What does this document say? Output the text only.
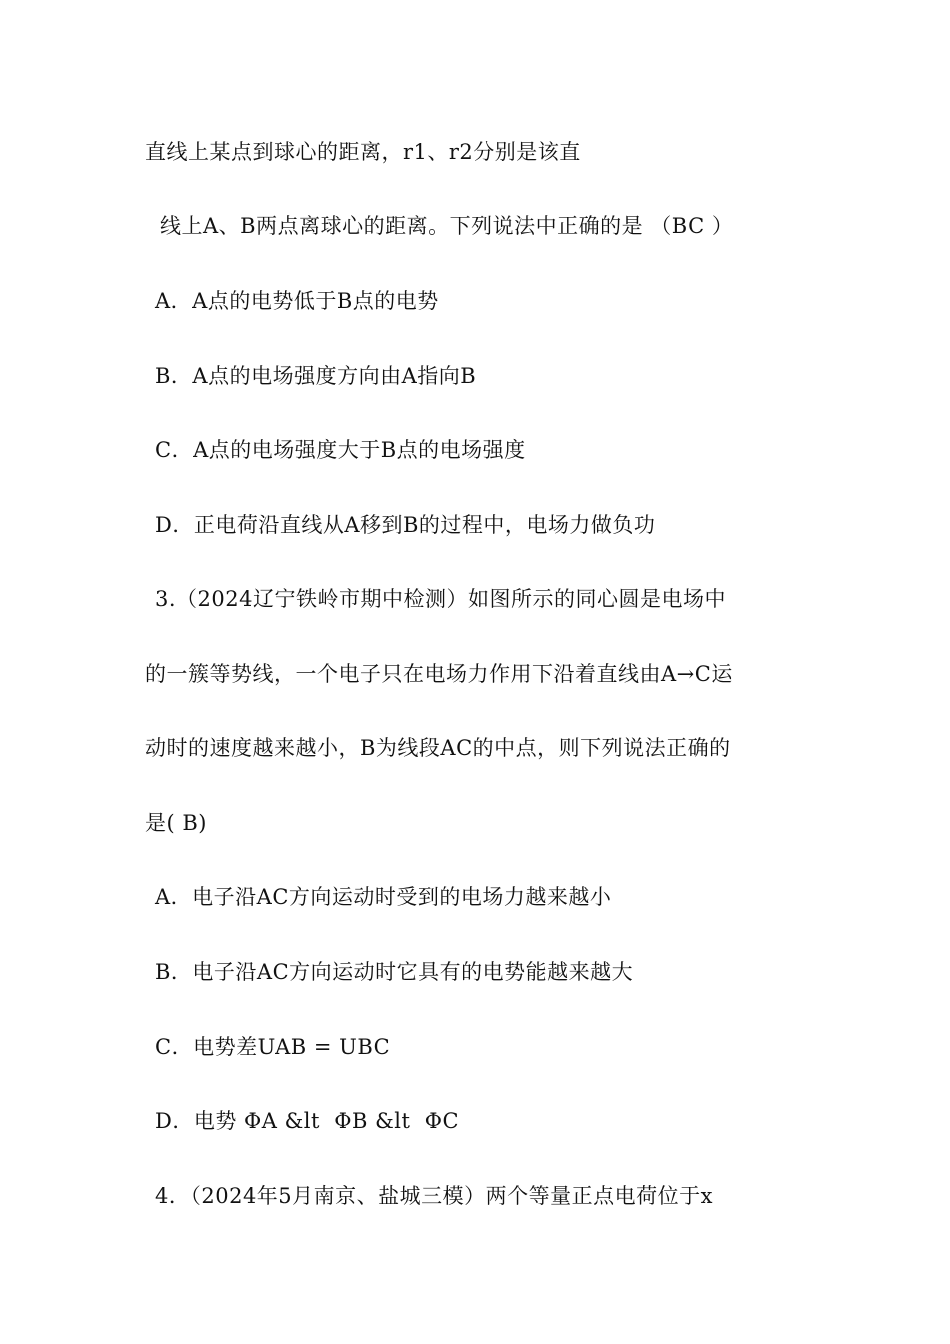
直线上某点到球心的距离，r1、r2分别是该直
线上A、B两点离球心的距离。下列说法中正确的是 （BC ）
A．A点的电势低于B点的电势
B．A点的电场强度方向由A指向B
C．A点的电场强度大于B点的电场强度
D．正电荷沿直线从A移到B的过程中，电场力做负功
3.（2024辽宁铁岭市期中检测）如图所示的同心圆是电场中
的一簇等势线，一个电子只在电场力作用下沿着直线由A→C运
动时的速度越来越小，B为线段AC的中点，则下列说法正确的
是( B)
A．电子沿AC方向运动时受到的电场力越来越小
B．电子沿AC方向运动时它具有的电势能越来越大
C．电势差UAB = UBC
D．电势 ΦA &lt  ΦB &lt  ΦC
4．（2024年5月南京、盐城三模）两个等量正点电荷位于x
